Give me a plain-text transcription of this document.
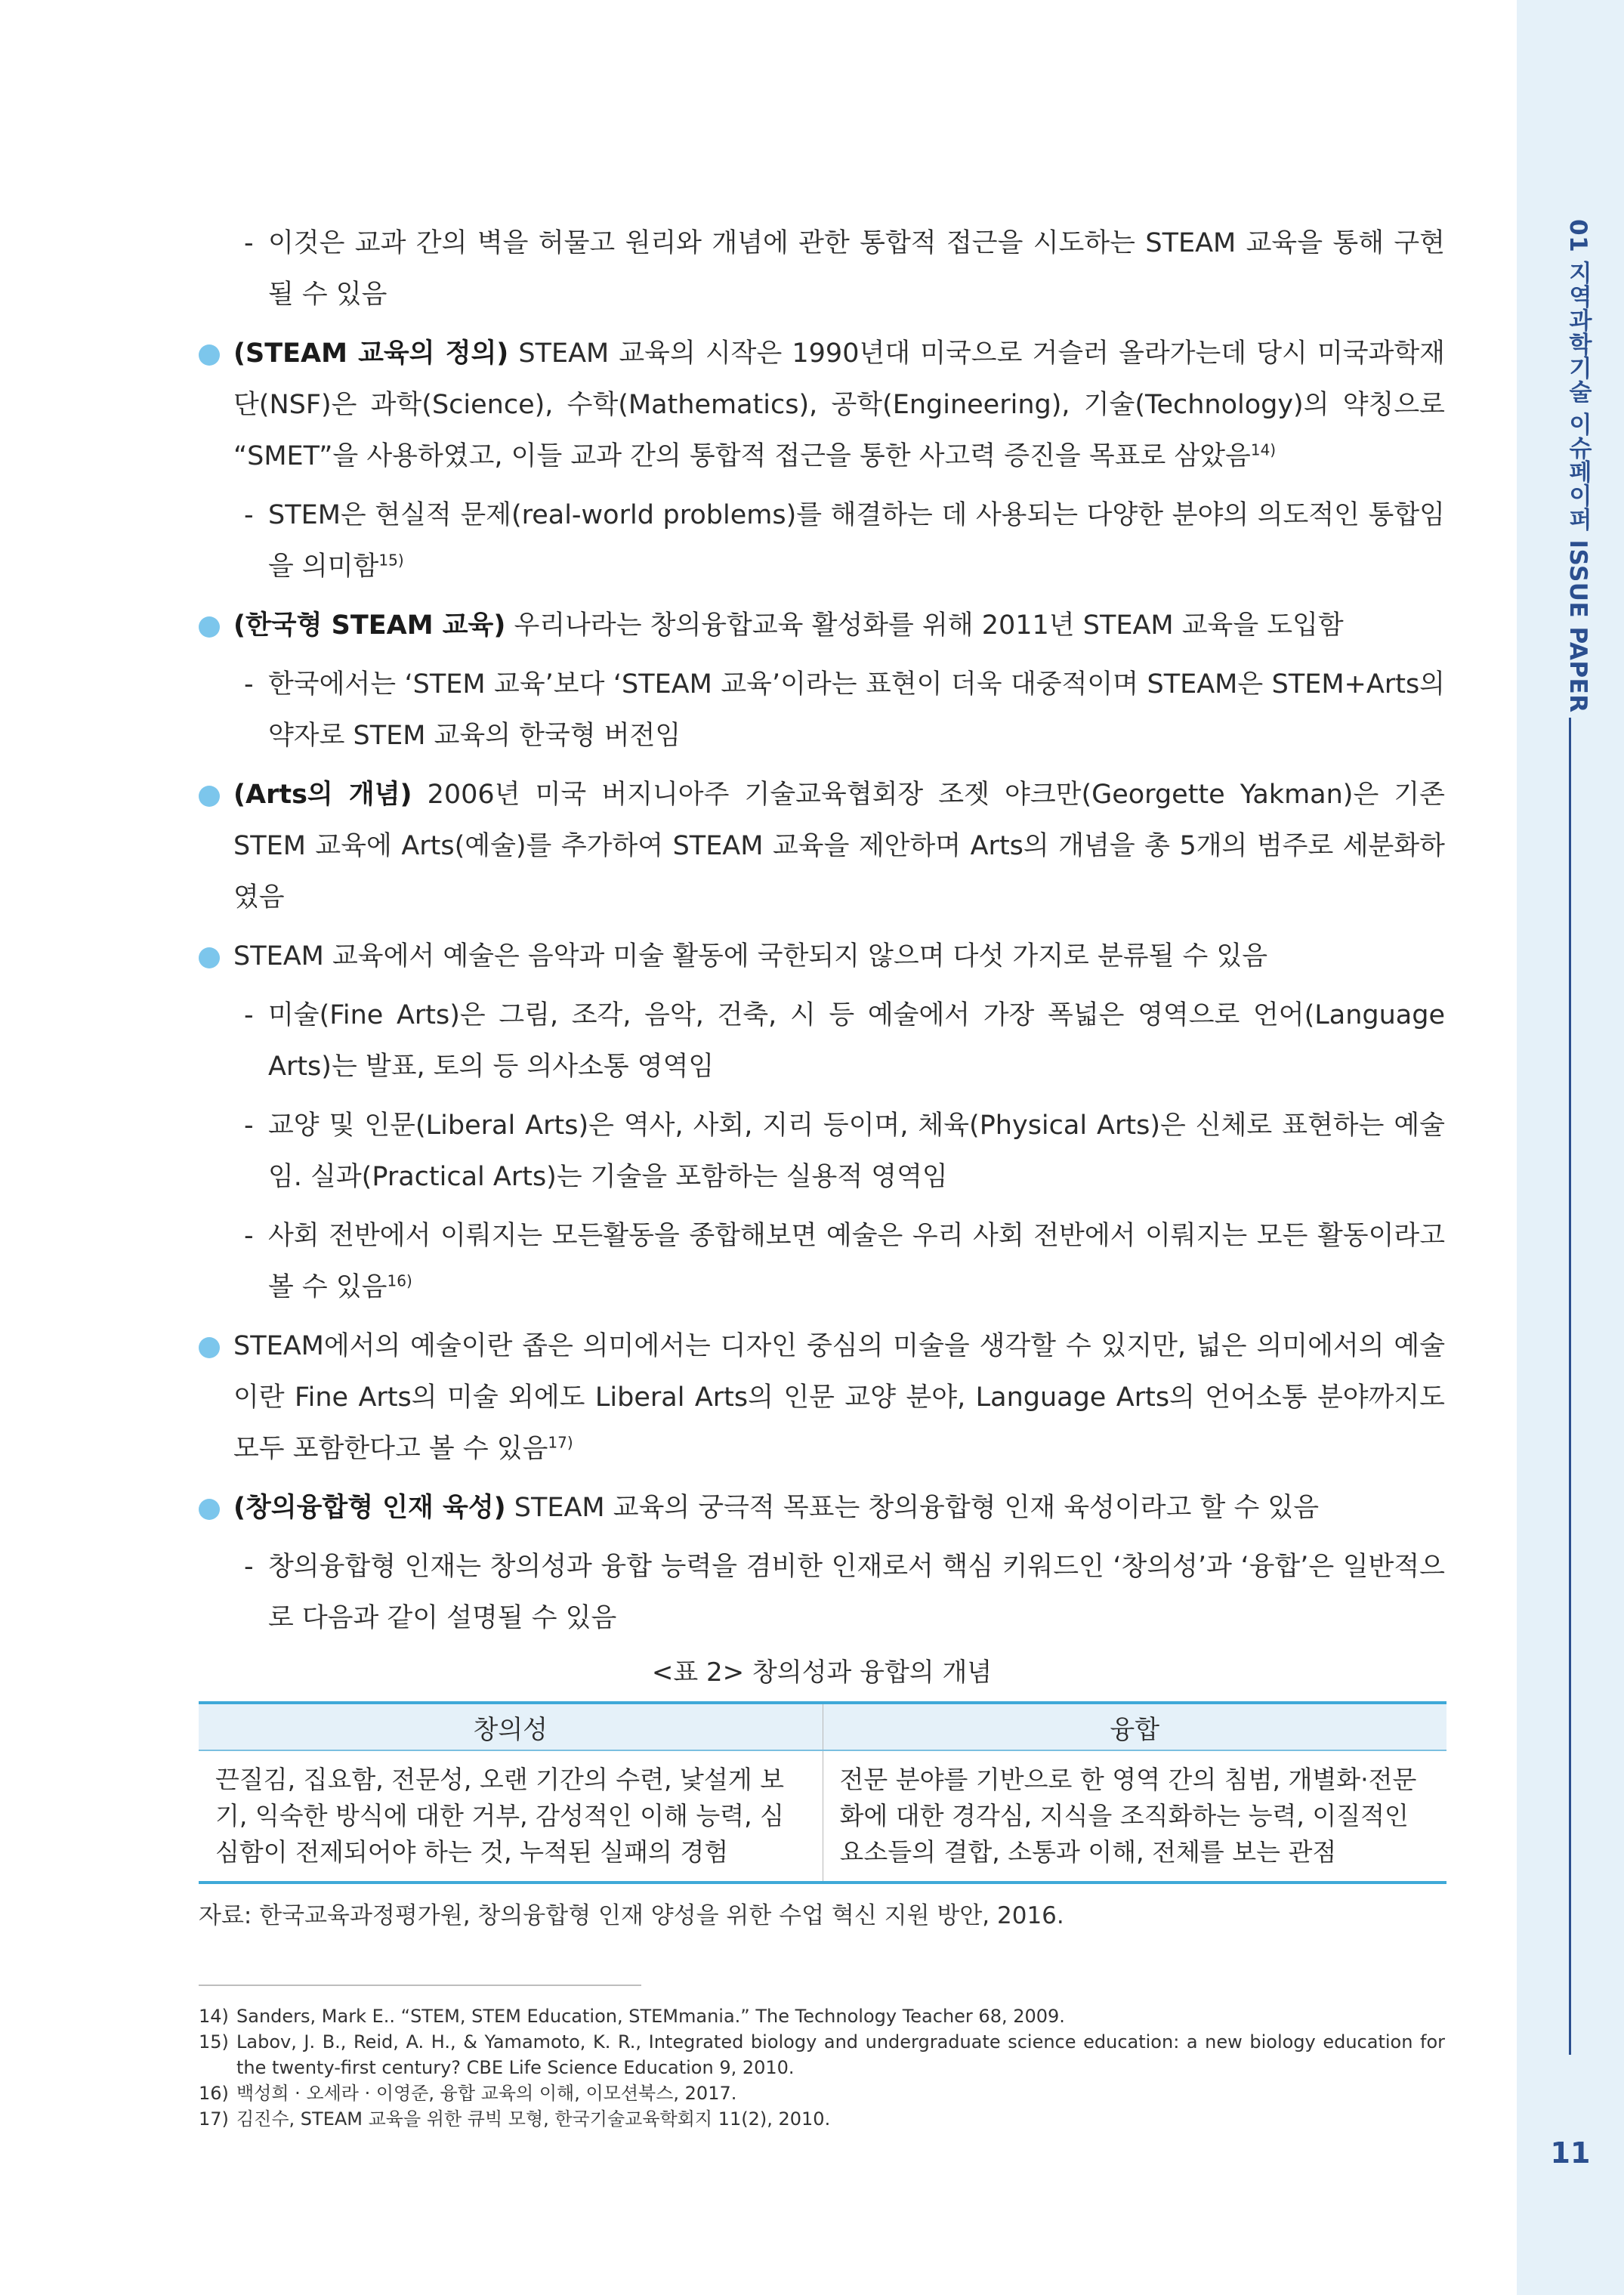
01 지역과학기술 이슈페이퍼 ISSUE PAPER
11
- 이것은 교과 간의 벽을 허물고 원리와 개념에 관한 통합적 접근을 시도하는 STEAM 교육을 통해 구현될 수 있음
(STEAM 교육의 정의) STEAM 교육의 시작은 1990년대 미국으로 거슬러 올라가는데 당시 미국과학재단(NSF)은 과학(Science), 수학(Mathematics), 공학(Engineering), 기술(Technology)의 약칭으로 “SMET”을 사용하였고, 이들 교과 간의 통합적 접근을 통한 사고력 증진을 목표로 삼았음$^{14)}$
- STEM은 현실적 문제(real-world problems)를 해결하는 데 사용되는 다양한 분야의 의도적인 통합임을 의미함$^{15)}$
(한국형 STEAM 교육) 우리나라는 창의융합교육 활성화를 위해 2011년 STEAM 교육을 도입함
- 한국에서는 ‘STEM 교육’보다 ‘STEAM 교육’이라는 표현이 더욱 대중적이며 STEAM은 STEM+Arts의 약자로 STEM 교육의 한국형 버전임
(Arts의 개념) 2006년 미국 버지니아주 기술교육협회장 조젯 야크만(Georgette Yakman)은 기존 STEM 교육에 Arts(예술)를 추가하여 STEAM 교육을 제안하며 Arts의 개념을 총 5개의 범주로 세분화하였음
STEAM 교육에서 예술은 음악과 미술 활동에 국한되지 않으며 다섯 가지로 분류될 수 있음
- 미술(Fine Arts)은 그림, 조각, 음악, 건축, 시 등 예술에서 가장 폭넓은 영역으로 언어(Language Arts)는 발표, 토의 등 의사소통 영역임
- 교양 및 인문(Liberal Arts)은 역사, 사회, 지리 등이며, 체육(Physical Arts)은 신체로 표현하는 예술임. 실과(Practical Arts)는 기술을 포함하는 실용적 영역임
- 사회 전반에서 이뤄지는 모든활동을 종합해보면 예술은 우리 사회 전반에서 이뤄지는 모든 활동이라고 볼 수 있음$^{16)}$
STEAM에서의 예술이란 좁은 의미에서는 디자인 중심의 미술을 생각할 수 있지만, 넓은 의미에서의 예술이란 Fine Arts의 미술 외에도 Liberal Arts의 인문 교양 분야, Language Arts의 언어소통 분야까지도 모두 포함한다고 볼 수 있음$^{17)}$
(창의융합형 인재 육성) STEAM 교육의 궁극적 목표는 창의융합형 인재 육성이라고 할 수 있음
- 창의융합형 인재는 창의성과 융합 능력을 겸비한 인재로서 핵심 키워드인 ‘창의성’과 ‘융합’은 일반적으로 다음과 같이 설명될 수 있음
<표 2> 창의성과 융합의 개념
창의성	융합
끈질김, 집요함, 전문성, 오랜 기간의 수련, 낯설게 보기, 익숙한 방식에 대한 거부, 감성적인 이해 능력, 심심함이 전제되어야 하는 것, 누적된 실패의 경험	전문 분야를 기반으로 한 영역 간의 침범, 개별화·전문화에 대한 경각심, 지식을 조직화하는 능력, 이질적인 요소들의 결합, 소통과 이해, 전체를 보는 관점
자료: 한국교육과정평가원, 창의융합형 인재 양성을 위한 수업 혁신 지원 방안, 2016.
14) Sanders, Mark E.. “STEM, STEM Education, STEMmania.” The Technology Teacher 68, 2009.
15) Labov, J. B., Reid, A. H., & Yamamoto, K. R., Integrated biology and undergraduate science education: a new biology education for the twenty-first century? CBE Life Science Education 9, 2010.
16) 백성희 · 오세라 · 이영준, 융합 교육의 이해, 이모션북스, 2017.
17) 김진수, STEAM 교육을 위한 큐빅 모형, 한국기술교육학회지 11(2), 2010.
